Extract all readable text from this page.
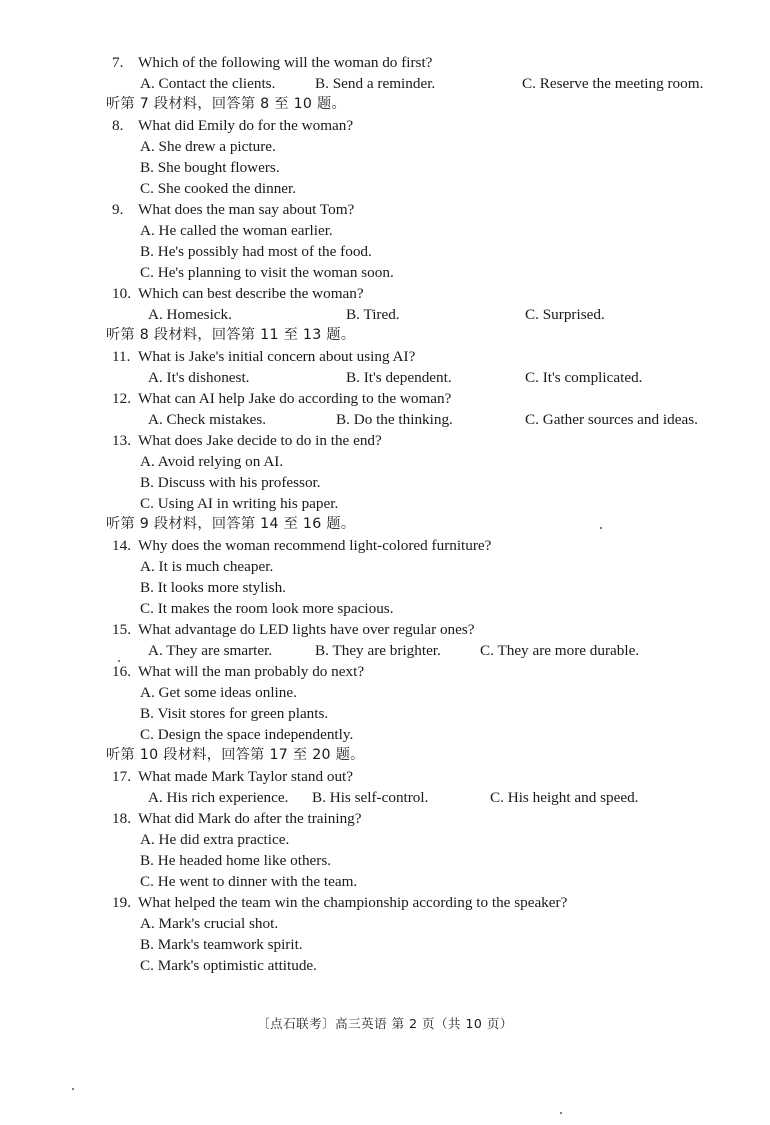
7. Which of the following will the woman do first?
A. Contact the clients.	B. Send a reminder.	C. Reserve the meeting room.
听第 7 段材料，回答第 8 至 10 题。
8. What did Emily do for the woman?
A. She drew a picture.
B. She bought flowers.
C. She cooked the dinner.
9. What does the man say about Tom?
A. He called the woman earlier.
B. He's possibly had most of the food.
C. He's planning to visit the woman soon.
10. Which can best describe the woman?
A. Homesick.	B. Tired.	C. Surprised.
听第 8 段材料，回答第 11 至 13 题。
11. What is Jake's initial concern about using AI?
A. It's dishonest.	B. It's dependent.	C. It's complicated.
12. What can AI help Jake do according to the woman?
A. Check mistakes.	B. Do the thinking.	C. Gather sources and ideas.
13. What does Jake decide to do in the end?
A. Avoid relying on AI.
B. Discuss with his professor.
C. Using AI in writing his paper.
听第 9 段材料，回答第 14 至 16 题。
14. Why does the woman recommend light-colored furniture?
A. It is much cheaper.
B. It looks more stylish.
C. It makes the room look more spacious.
15. What advantage do LED lights have over regular ones?
A. They are smarter.	B. They are brighter.	C. They are more durable.
16. What will the man probably do next?
A. Get some ideas online.
B. Visit stores for green plants.
C. Design the space independently.
听第 10 段材料，回答第 17 至 20 题。
17. What made Mark Taylor stand out?
A. His rich experience. B. His self-control.	C. His height and speed.
18. What did Mark do after the training?
A. He did extra practice.
B. He headed home like others.
C. He went to dinner with the team.
19. What helped the team win the championship according to the speaker?
A. Mark's crucial shot.
B. Mark's teamwork spirit.
C. Mark's optimistic attitude.
〔点石联考〕高三英语 第 2 页（共 10 页）
